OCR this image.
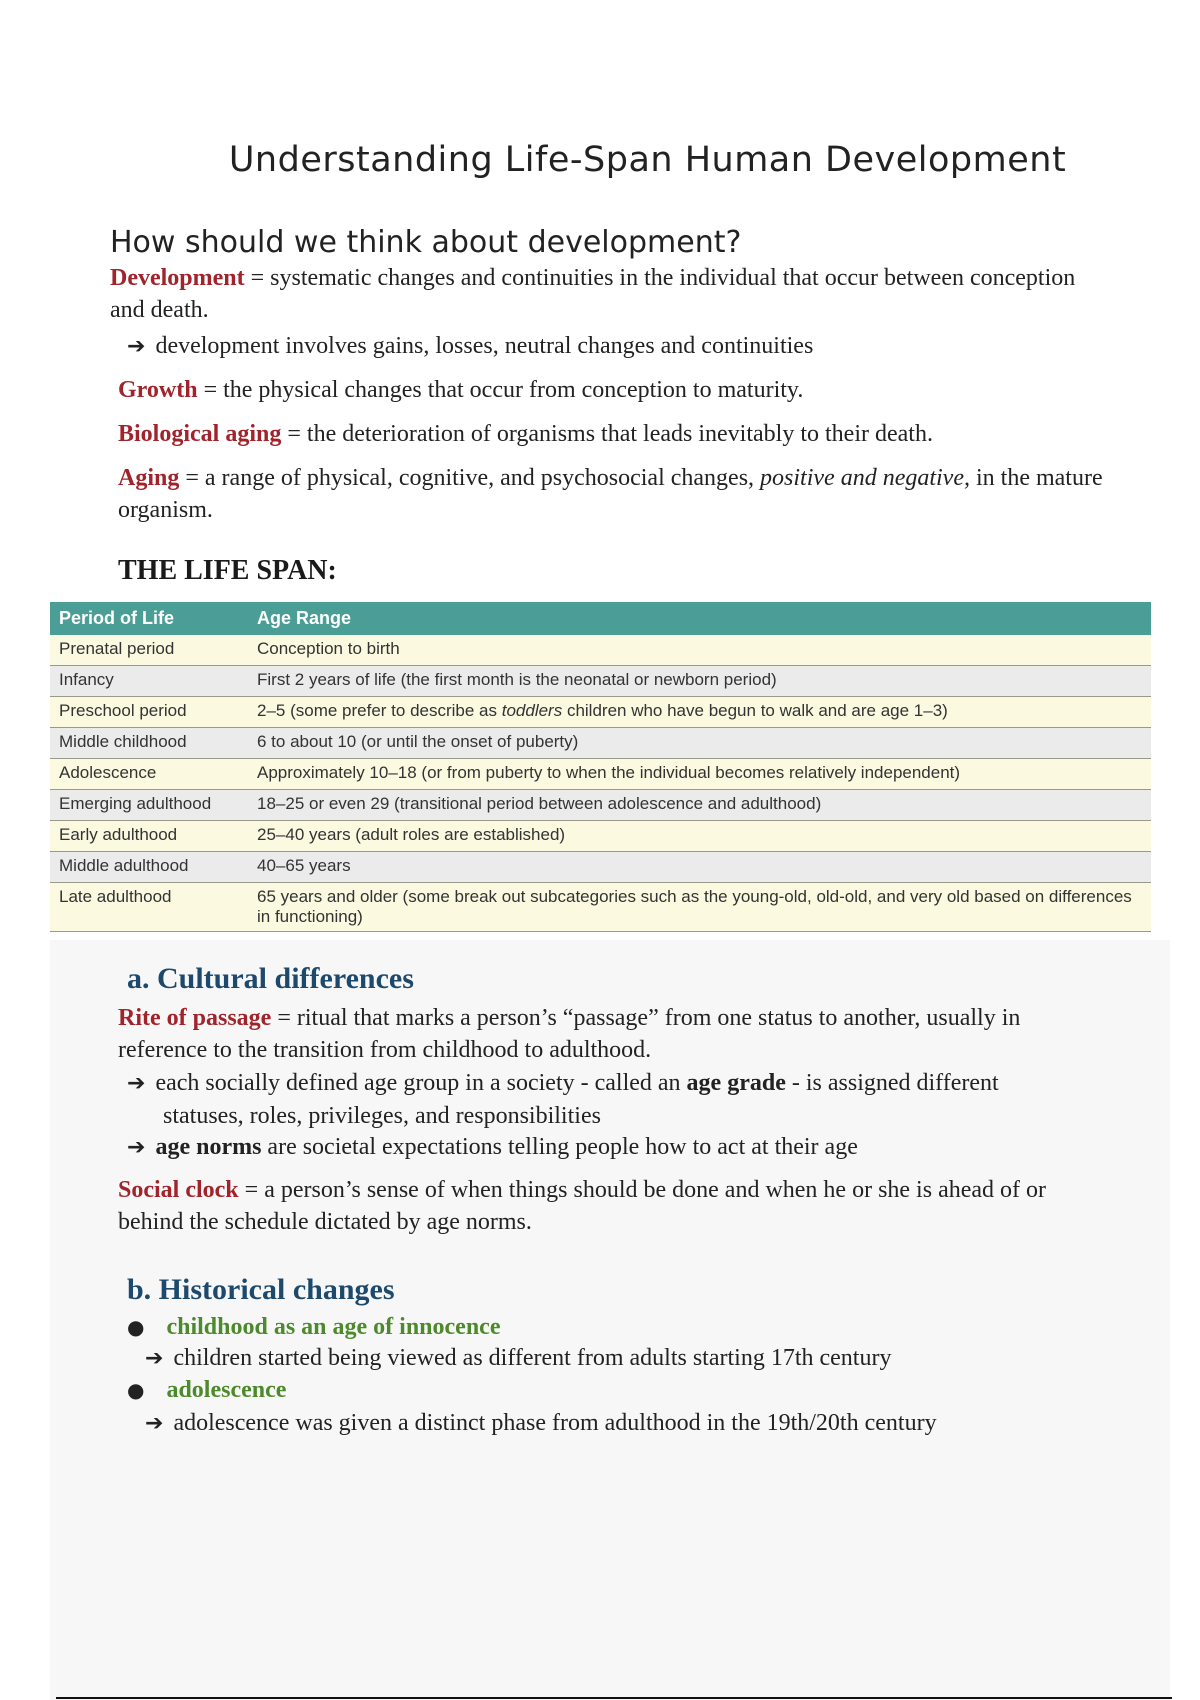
Understanding Life-Span Human Development
How should we think about development?
Development = systematic changes and continuities in the individual that occur between conception and death.
➔ development involves gains, losses, neutral changes and continuities
Growth = the physical changes that occur from conception to maturity.
Biological aging = the deterioration of organisms that leads inevitably to their death.
Aging = a range of physical, cognitive, and psychosocial changes, positive and negative, in the mature organism.
THE LIFE SPAN:
Period of Life	Age Range
Prenatal period	Conception to birth
Infancy	First 2 years of life (the first month is the neonatal or newborn period)
Preschool period	2–5 (some prefer to describe as toddlers children who have begun to walk and are age 1–3)
Middle childhood	6 to about 10 (or until the onset of puberty)
Adolescence	Approximately 10–18 (or from puberty to when the individual becomes relatively independent)
Emerging adulthood	18–25 or even 29 (transitional period between adolescence and adulthood)
Early adulthood	25–40 years (adult roles are established)
Middle adulthood	40–65 years
Late adulthood	65 years and older (some break out subcategories such as the young-old, old-old, and very old based on differences in functioning)
a. Cultural differences
Rite of passage = ritual that marks a person’s “passage” from one status to another, usually in reference to the transition from childhood to adulthood.
➔ each socially defined age group in a society - called an age grade - is assigned different statuses, roles, privileges, and responsibilities
➔ age norms are societal expectations telling people how to act at their age
Social clock = a person’s sense of when things should be done and when he or she is ahead of or behind the schedule dictated by age norms.
b. Historical changes
● childhood as an age of innocence
➔ children started being viewed as different from adults starting 17th century
● adolescence
➔ adolescence was given a distinct phase from adulthood in the 19th/20th century
